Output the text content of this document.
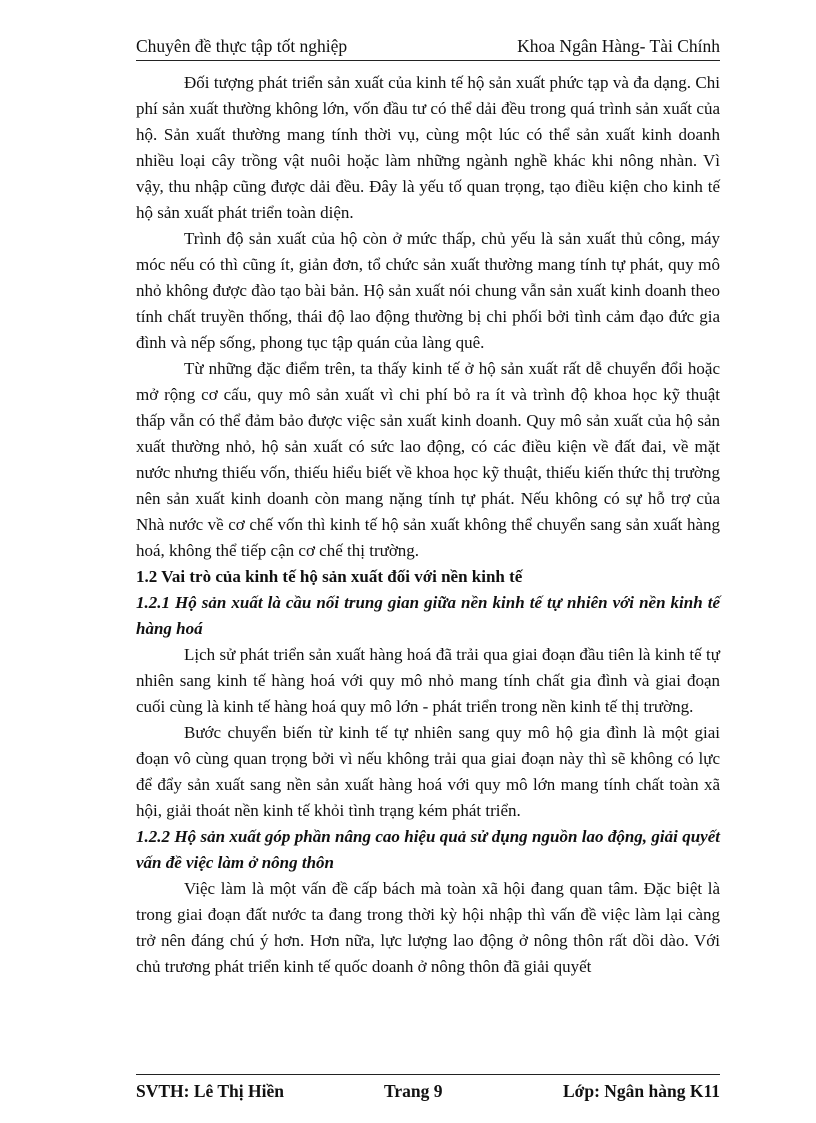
Chuyên đề thực tập tốt nghiệp	Khoa Ngân Hàng- Tài Chính

Đối tượng phát triển sản xuất của kinh tế hộ sản xuất phức tạp và đa dạng. Chi phí sản xuất thường không lớn, vốn đầu tư có thể dải đều trong quá trình sản xuất của hộ. Sản xuất thường mang tính thời vụ, cùng một lúc có thể sản xuất kinh doanh nhiều loại cây trồng vật nuôi hoặc làm những ngành nghề khác khi nông nhàn. Vì vậy, thu nhập cũng được dải đều. Đây là yếu tố quan trọng, tạo điều kiện cho kinh tế hộ sản xuất phát triển toàn diện.

Trình độ sản xuất của hộ còn ở mức thấp, chủ yếu là sản xuất thủ công, máy móc nếu có thì cũng ít, giản đơn, tổ chức sản xuất thường mang tính tự phát, quy mô nhỏ không được đào tạo bài bản. Hộ sản xuất nói chung vẫn sản xuất kinh doanh theo tính chất truyền thống, thái độ lao động thường bị chi phối bởi tình cảm đạo đức gia đình và nếp sống, phong tục tập quán của làng quê.

Từ những đặc điểm trên, ta thấy kinh tế ở hộ sản xuất rất dễ chuyển đổi hoặc mở rộng cơ cấu, quy mô sản xuất vì chi phí bỏ ra ít và trình độ khoa học kỹ thuật thấp vẫn có thể đảm bảo được việc sản xuất kinh doanh. Quy mô sản xuất của hộ sản xuất thường nhỏ, hộ sản xuất có sức lao động, có các điều kiện về đất đai, về mặt nước nhưng thiếu vốn, thiếu hiểu biết về khoa học kỹ thuật, thiếu kiến thức thị trường nên sản xuất kinh doanh còn mang nặng tính tự phát. Nếu không có sự hỗ trợ của Nhà nước về cơ chế vốn thì kinh tế hộ sản xuất không thể chuyển sang sản xuất hàng hoá, không thể tiếp cận cơ chế thị trường.

1.2 Vai trò của kinh tế hộ sản xuất đối với nền kinh tế
1.2.1 Hộ sản xuất là cầu nối trung gian giữa nền kinh tế tự nhiên với nền kinh tế hàng hoá

Lịch sử phát triển sản xuất hàng hoá đã trải qua giai đoạn đầu tiên là kinh tế tự nhiên sang kinh tế hàng hoá với quy mô nhỏ mang tính chất gia đình và giai đoạn cuối cùng là kinh tế hàng hoá quy mô lớn - phát triển trong nền kinh tế thị trường.

Bước chuyển biến từ kinh tế tự nhiên sang quy mô hộ gia đình là một giai đoạn vô cùng quan trọng bởi vì nếu không trải qua giai đoạn này thì sẽ không có lực để đẩy sản xuất sang nền sản xuất hàng hoá với quy mô lớn mang tính chất toàn xã hội, giải thoát nền kinh tế khỏi tình trạng kém phát triển.

1.2.2 Hộ sản xuất góp phần nâng cao hiệu quả sử dụng nguồn lao động, giải quyết vấn đề việc làm ở nông thôn

Việc làm là một vấn đề cấp bách mà toàn xã hội đang quan tâm. Đặc biệt là trong giai đoạn đất nước ta đang trong thời kỳ hội nhập thì vấn đề việc làm lại càng trở nên đáng chú ý hơn. Hơn nữa, lực lượng lao động ở nông thôn rất dồi dào. Với chủ trương phát triển kinh tế quốc doanh ở nông thôn đã giải quyết

SVTH: Lê Thị Hiền	Trang 9	Lớp: Ngân hàng K11
